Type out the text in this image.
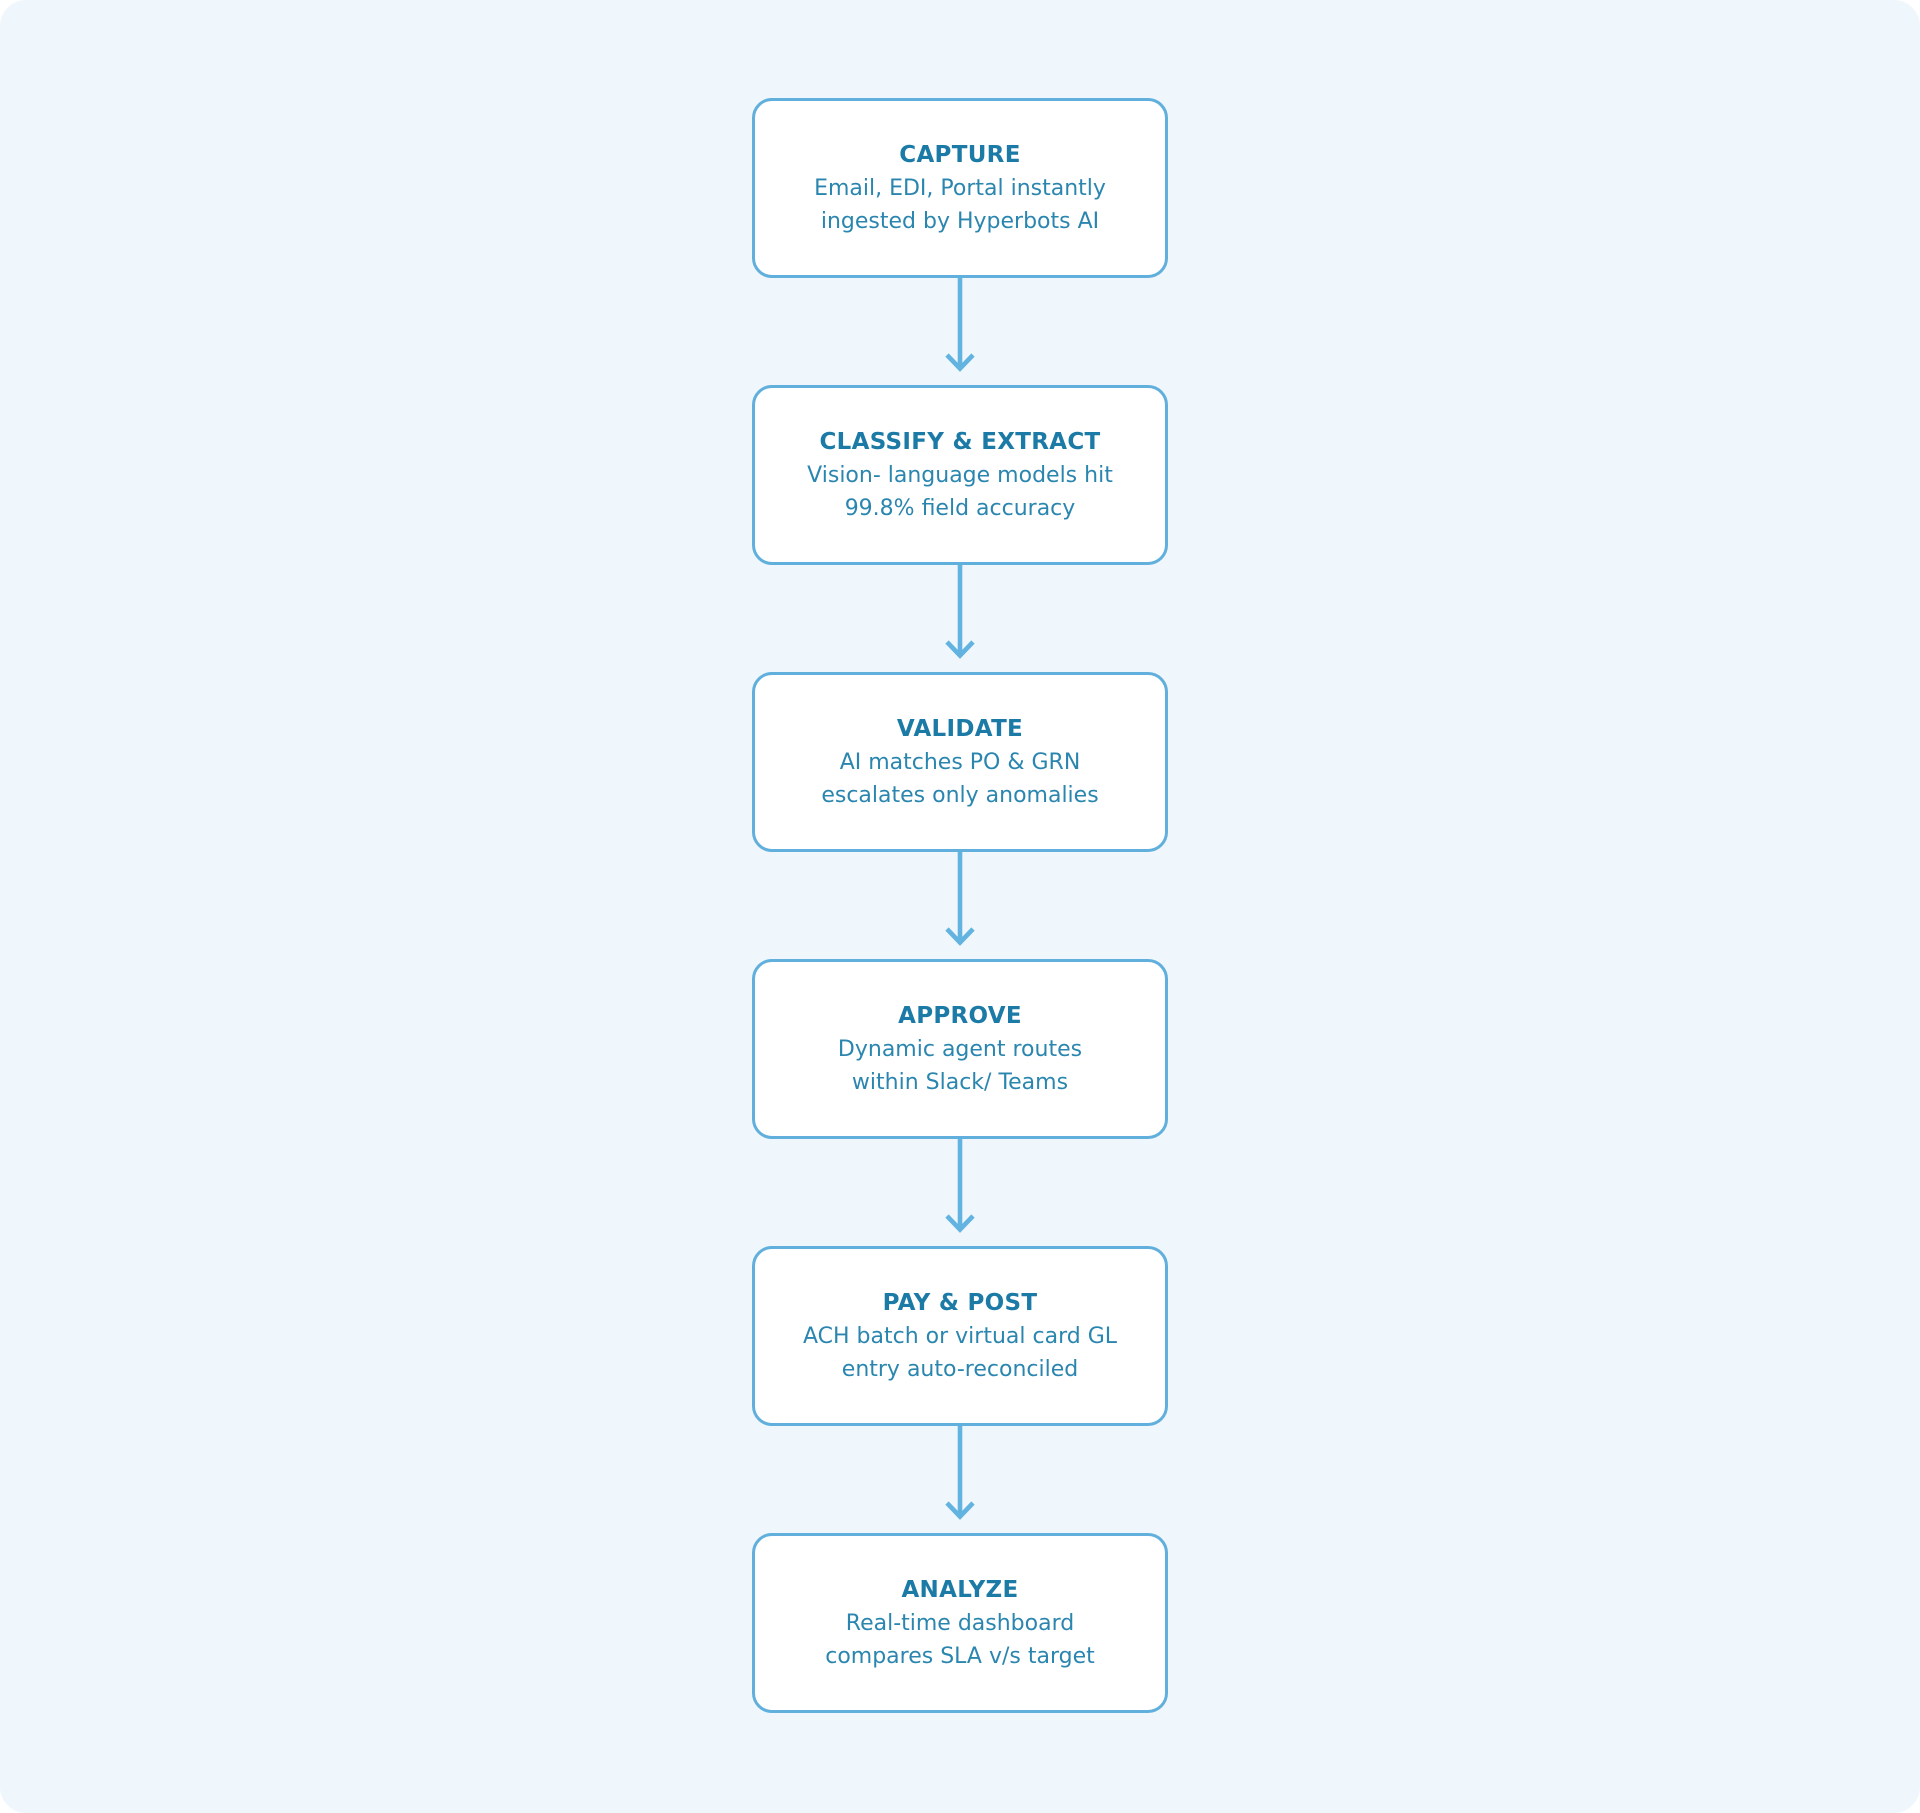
CAPTURE
Email, EDI, Portal instantly
ingested by Hyperbots AI
CLASSIFY & EXTRACT
Vision- language models hit
99.8% field accuracy
VALIDATE
AI matches PO & GRN
escalates only anomalies
APPROVE
Dynamic agent routes
within Slack/ Teams
PAY & POST
ACH batch or virtual card GL
entry auto-reconciled
ANALYZE
Real-time dashboard
compares SLA v/s target
